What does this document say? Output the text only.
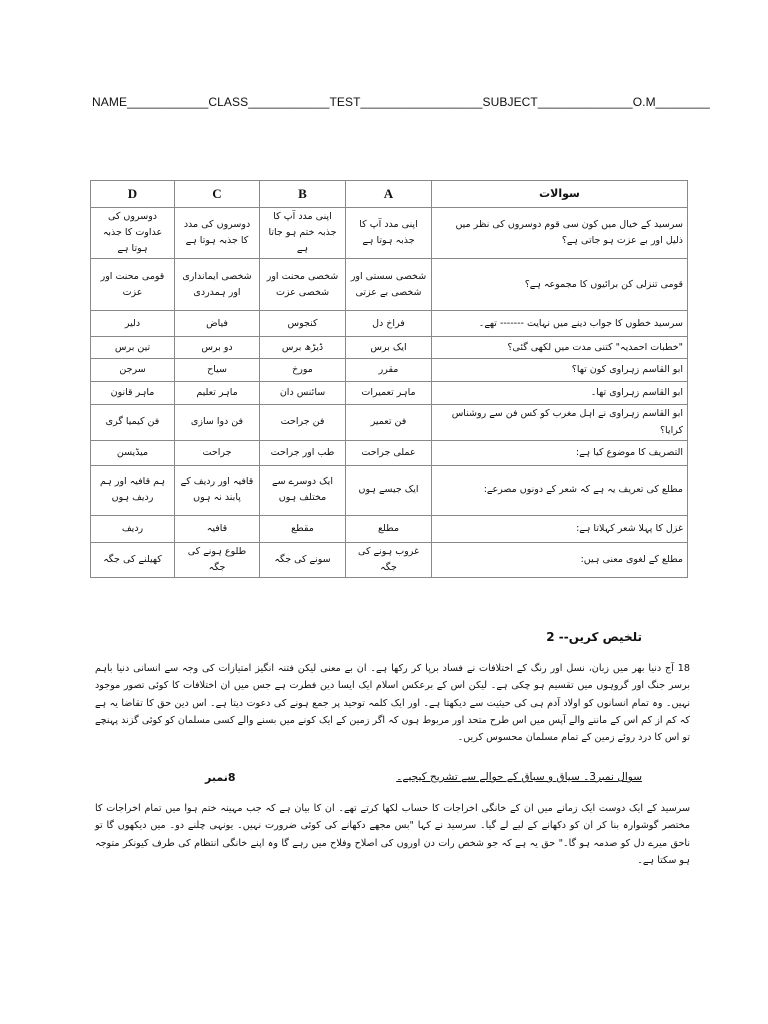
NAME____________CLASS____________TEST__________________SUBJECT______________O.M________
D	C	B	A	سوالات
دوسروں کی عداوت کا جذبہ ہوتا ہے	دوسروں کی مدد کا جذبہ ہوتا ہے	اپنی مدد آپ کا جذبہ ختم ہو جاتا ہے	اپنی مدد آپ کا جذبہ ہوتا ہے	سرسید کے خیال میں کون سی قوم دوسروں کی نظر میں ذلیل اور بے عزت ہو جاتی ہے؟
قومی محنت اور عزت	شخصی ایمانداری اور ہمدردی	شخصی محنت اور شخصی عزت	شخصی سستی اور شخصی بے عزتی	قومی تنزلی کن برائیوں کا مجموعہ ہے؟
دلیر	فیاض	کنجوس	فراخ دل	سرسید خطوں کا جواب دینے میں نہایت ------- تھے۔
تین برس	دو برس	ڈیڑھ برس	ایک برس	"خطبات احمدیہ" کتنی مدت میں لکھی گئی؟
سرجن	سیاح	مورخ	مقرر	ابو القاسم زہراوی کون تھا؟
ماہر قانون	ماہر تعلیم	سائنس دان	ماہر تعمیرات	ابو القاسم زہراوی تھا۔
فن کیمیا گری	فن دوا سازی	فن جراحت	فن تعمیر	ابو القاسم زہراوی نے اہل مغرب کو کس فن سے روشناس کرایا؟
میڈیسن	جراحت	طب اور جراحت	عملی جراحت	التصریف کا موضوع کیا ہے:
ہم قافیہ اور ہم ردیف ہوں	قافیہ اور ردیف کے پابند نہ ہوں	ایک دوسرے سے مختلف ہوں	ایک جیسے ہوں	مطلع کی تعریف یہ ہے کہ شعر کے دونوں مصرعے:
ردیف	قافیہ	مقطع	مطلع	غزل کا پہلا شعر کہلاتا ہے:
کھیلنے کی جگہ	طلوع ہونے کی جگہ	سونے کی جگہ	غروب ہونے کی جگہ	مطلع کے لغوی معنی ہیں:
تلخیص کریں-- 2
18 آج دنیا بھر میں زبان، نسل اور رنگ کے اختلافات نے فساد برپا کر رکھا ہے۔ ان بے معنی لیکن فتنہ انگیز امتیازات کی وجہ سے انسانی دنیا باہم برسر جنگ اور گروہوں میں تقسیم ہو چکی ہے۔ لیکن اس کے برعکس اسلام ایک ایسا دین فطرت ہے جس میں ان اختلافات کا کوئی تصور موجود نہیں۔ وہ تمام انسانوں کو اولاد آدم ہی کی حیثیت سے دیکھتا ہے۔ اور ایک کلمہ توحید پر جمع ہونے کی دعوت دیتا ہے۔ اس دین حق کا تقاضا یہ ہے کہ کم از کم اس کے ماننے والے آپس میں اس طرح متحد اور مربوط ہوں کہ اگر زمین کے ایک کونے میں بسنے والے کسی مسلمان کو کوئی گزند پہنچے تو اس کا درد روئے زمین کے تمام مسلمان محسوس کریں۔
سوال نمبر3۔ سیاق و سباق کے حوالے سے تشریح کیجیے۔
8نمبر
سرسید کے ایک دوست ایک زمانے میں ان کے خانگی اخراجات کا حساب لکھا کرتے تھے۔ ان کا بیان ہے کہ جب مہینہ ختم ہوا میں تمام اخراجات کا مختصر گوشوارہ بنا کر ان کو دکھانے کے لیے لے گیا۔ سرسید نے کہا "بس مجھے دکھانے کی کوئی ضرورت نہیں۔ یونہی چلنے دو۔ میں دیکھوں گا تو ناحق میرے دل کو صدمہ ہو گا۔" حق یہ ہے کہ جو شخص رات دن اوروں کی اصلاح وفلاح میں رہے گا وہ اپنے خانگی انتظام کی طرف کیونکر متوجہ ہو سکتا ہے۔
